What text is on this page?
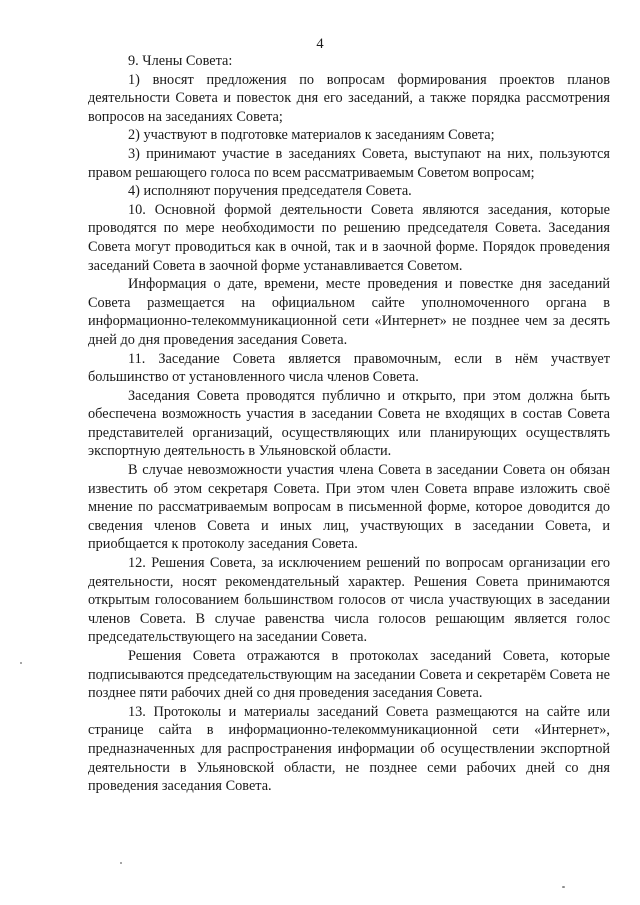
4

9. Члены Совета:

1) вносят предложения по вопросам формирования проектов планов деятельности Совета и повесток дня его заседаний, а также порядка рассмотрения вопросов на заседаниях Совета;

2) участвуют в подготовке материалов к заседаниям Совета;

3) принимают участие в заседаниях Совета, выступают на них, пользуются правом решающего голоса по всем рассматриваемым Советом вопросам;

4) исполняют поручения председателя Совета.

10. Основной формой деятельности Совета являются заседания, которые проводятся по мере необходимости по решению председателя Совета. Заседания Совета могут проводиться как в очной, так и в заочной форме. Порядок проведения заседаний Совета в заочной форме устанавливается Советом.

Информация о дате, времени, месте проведения и повестке дня заседаний Совета размещается на официальном сайте уполномоченного органа в информационно-телекоммуникационной сети «Интернет» не позднее чем за десять дней до дня проведения заседания Совета.

11. Заседание Совета является правомочным, если в нём участвует большинство от установленного числа членов Совета.

Заседания Совета проводятся публично и открыто, при этом должна быть обеспечена возможность участия в заседании Совета не входящих в состав Совета представителей организаций, осуществляющих или планирующих осуществлять экспортную деятельность в Ульяновской области.

В случае невозможности участия члена Совета в заседании Совета он обязан известить об этом секретаря Совета. При этом член Совета вправе изложить своё мнение по рассматриваемым вопросам в письменной форме, которое доводится до сведения членов Совета и иных лиц, участвующих в заседании Совета, и приобщается к протоколу заседания Совета.

12. Решения Совета, за исключением решений по вопросам организации его деятельности, носят рекомендательный характер. Решения Совета принимаются открытым голосованием большинством голосов от числа участвующих в заседании членов Совета. В случае равенства числа голосов решающим является голос председательствующего на заседании Совета.

Решения Совета отражаются в протоколах заседаний Совета, которые подписываются председательствующим на заседании Совета и секретарём Совета не позднее пяти рабочих дней со дня проведения заседания Совета.

13. Протоколы и материалы заседаний Совета размещаются на сайте или странице сайта в информационно-телекоммуникационной сети «Интернет», предназначенных для распространения информации об осуществлении экспортной деятельности в Ульяновской области, не позднее семи рабочих дней со дня проведения заседания Совета.
